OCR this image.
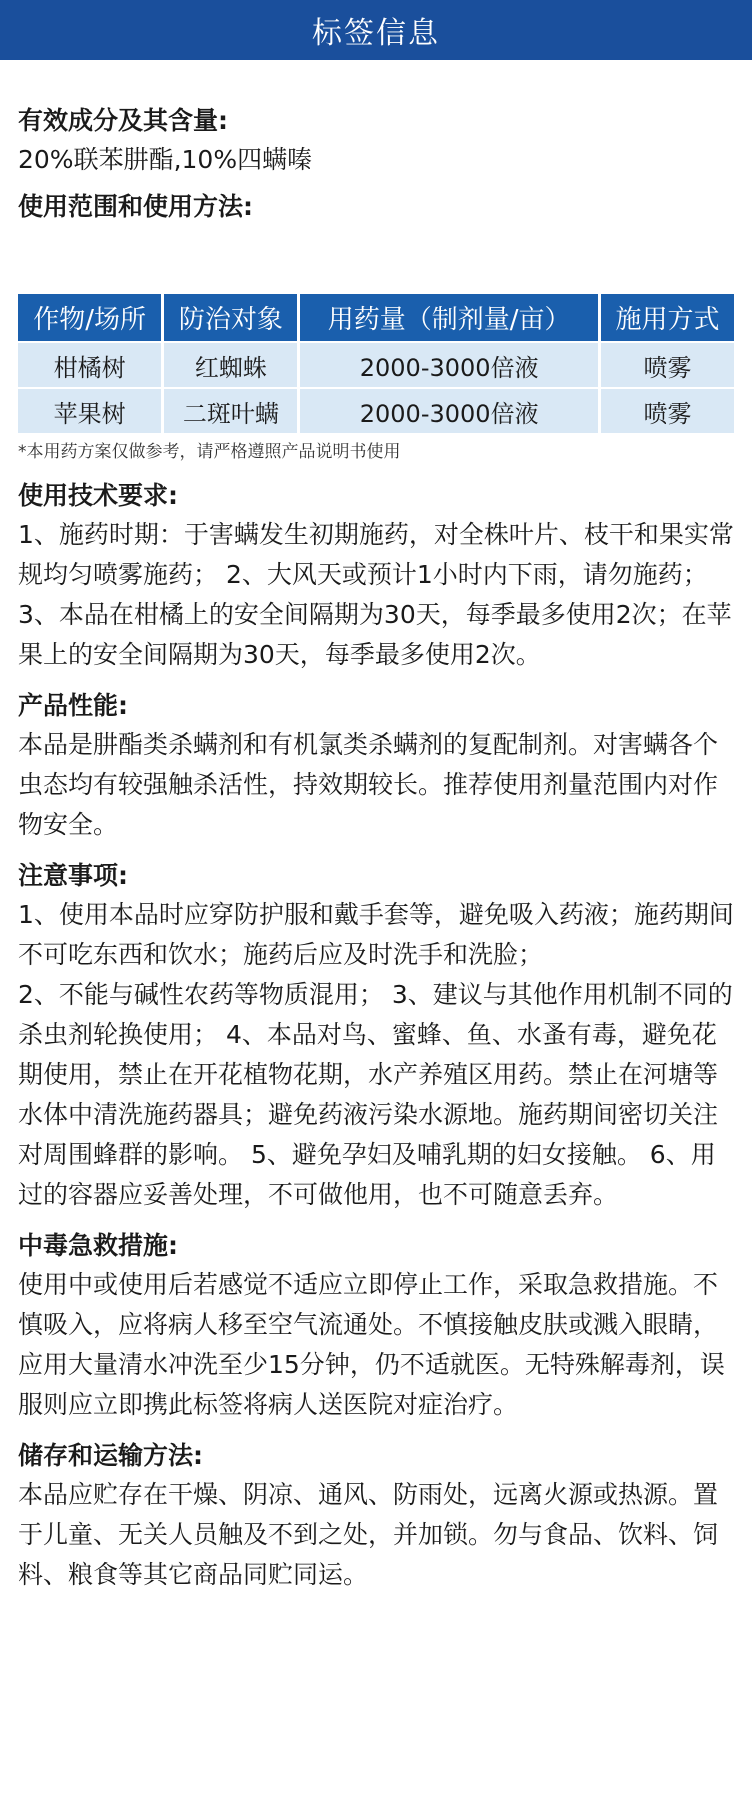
标签信息
有效成分及其含量:
20%联苯肼酯,10%四螨嗪
使用范围和使用方法:
作物/场所	防治对象	用药量（制剂量/亩）	施用方式
柑橘树	红蜘蛛	2000-3000倍液	喷雾
苹果树	二斑叶螨	2000-3000倍液	喷雾
*本用药方案仅做参考，请严格遵照产品说明书使用
使用技术要求:
1、施药时期：于害螨发生初期施药，对全株叶片、枝干和果实常规均匀喷雾施药； 2、大风天或预计1小时内下雨，请勿施药； 3、本品在柑橘上的安全间隔期为30天，每季最多使用2次；在苹果上的安全间隔期为30天，每季最多使用2次。
产品性能:
本品是肼酯类杀螨剂和有机氯类杀螨剂的复配制剂。对害螨各个虫态均有较强触杀活性，持效期较长。推荐使用剂量范围内对作物安全。
注意事项:
1、使用本品时应穿防护服和戴手套等，避免吸入药液；施药期间不可吃东西和饮水；施药后应及时洗手和洗脸；
2、不能与碱性农药等物质混用； 3、建议与其他作用机制不同的杀虫剂轮换使用； 4、本品对鸟、蜜蜂、鱼、水蚤有毒，避免花期使用，禁止在开花植物花期，水产养殖区用药。禁止在河塘等水体中清洗施药器具；避免药液污染水源地。施药期间密切关注对周围蜂群的影响。 5、避免孕妇及哺乳期的妇女接触。 6、用过的容器应妥善处理，不可做他用，也不可随意丢弃。
中毒急救措施:
使用中或使用后若感觉不适应立即停止工作，采取急救措施。不慎吸入，应将病人移至空气流通处。不慎接触皮肤或溅入眼睛，应用大量清水冲洗至少15分钟，仍不适就医。无特殊解毒剂，误服则应立即携此标签将病人送医院对症治疗。
储存和运输方法:
本品应贮存在干燥、阴凉、通风、防雨处，远离火源或热源。置于儿童、无关人员触及不到之处，并加锁。勿与食品、饮料、饲料、粮食等其它商品同贮同运。
